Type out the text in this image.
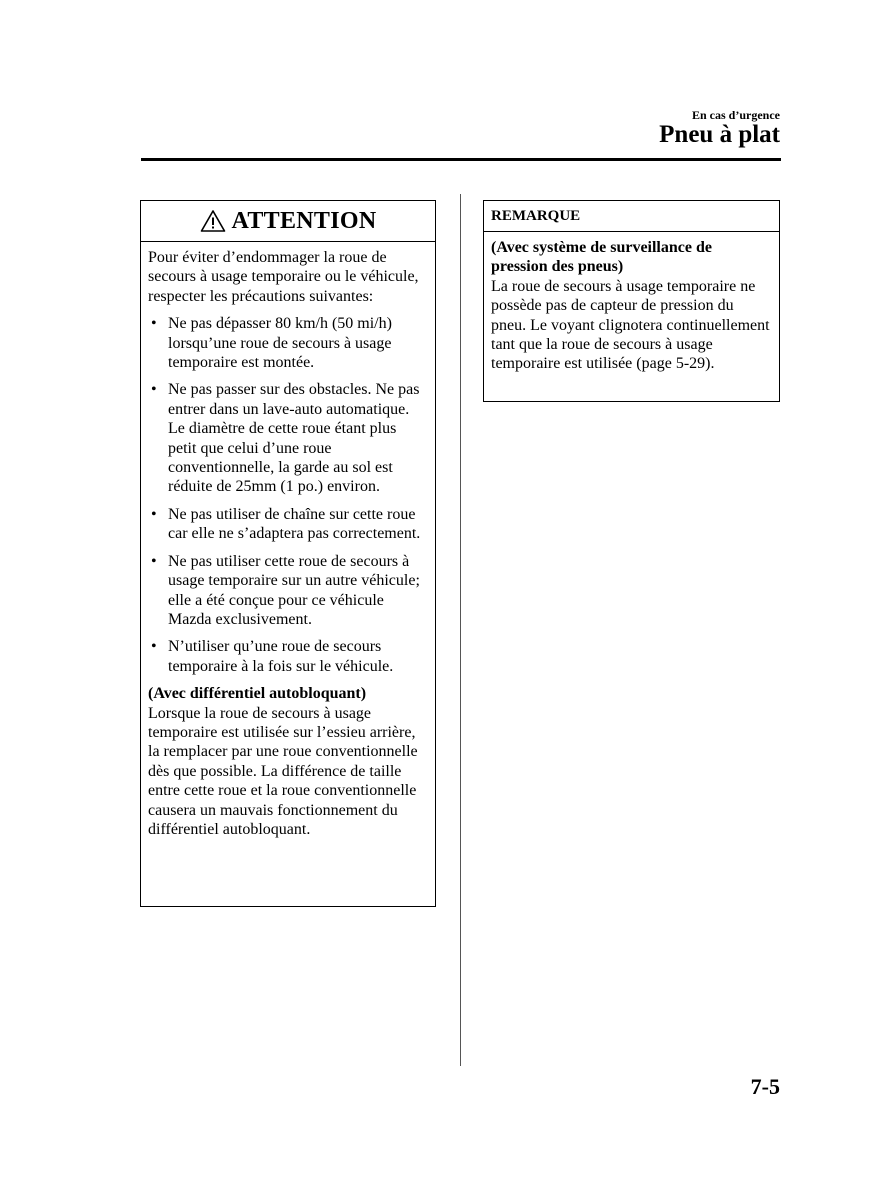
En cas d’urgence
Pneu à plat
ATTENTION

Pour éviter d’endommager la roue de secours à usage temporaire ou le véhicule, respecter les précautions suivantes:

• Ne pas dépasser 80 km/h (50 mi/h) lorsqu’une roue de secours à usage temporaire est montée.
• Ne pas passer sur des obstacles. Ne pas entrer dans un lave-auto automatique. Le diamètre de cette roue étant plus petit que celui d’une roue conventionnelle, la garde au sol est réduite de 25mm (1 po.) environ.
• Ne pas utiliser de chaîne sur cette roue car elle ne s’adaptera pas correctement.
• Ne pas utiliser cette roue de secours à usage temporaire sur un autre véhicule; elle a été conçue pour ce véhicule Mazda exclusivement.
• N’utiliser qu’une roue de secours temporaire à la fois sur le véhicule.

(Avec différentiel autobloquant)

Lorsque la roue de secours à usage temporaire est utilisée sur l’essieu arrière, la remplacer par une roue conventionnelle dès que possible. La différence de taille entre cette roue et la roue conventionnelle causera un mauvais fonctionnement du différentiel autobloquant.

REMARQUE

(Avec système de surveillance de pression des pneus)

La roue de secours à usage temporaire ne possède pas de capteur de pression du pneu. Le voyant clignotera continuellement tant que la roue de secours à usage temporaire est utilisée (page 5-29).

7-5
